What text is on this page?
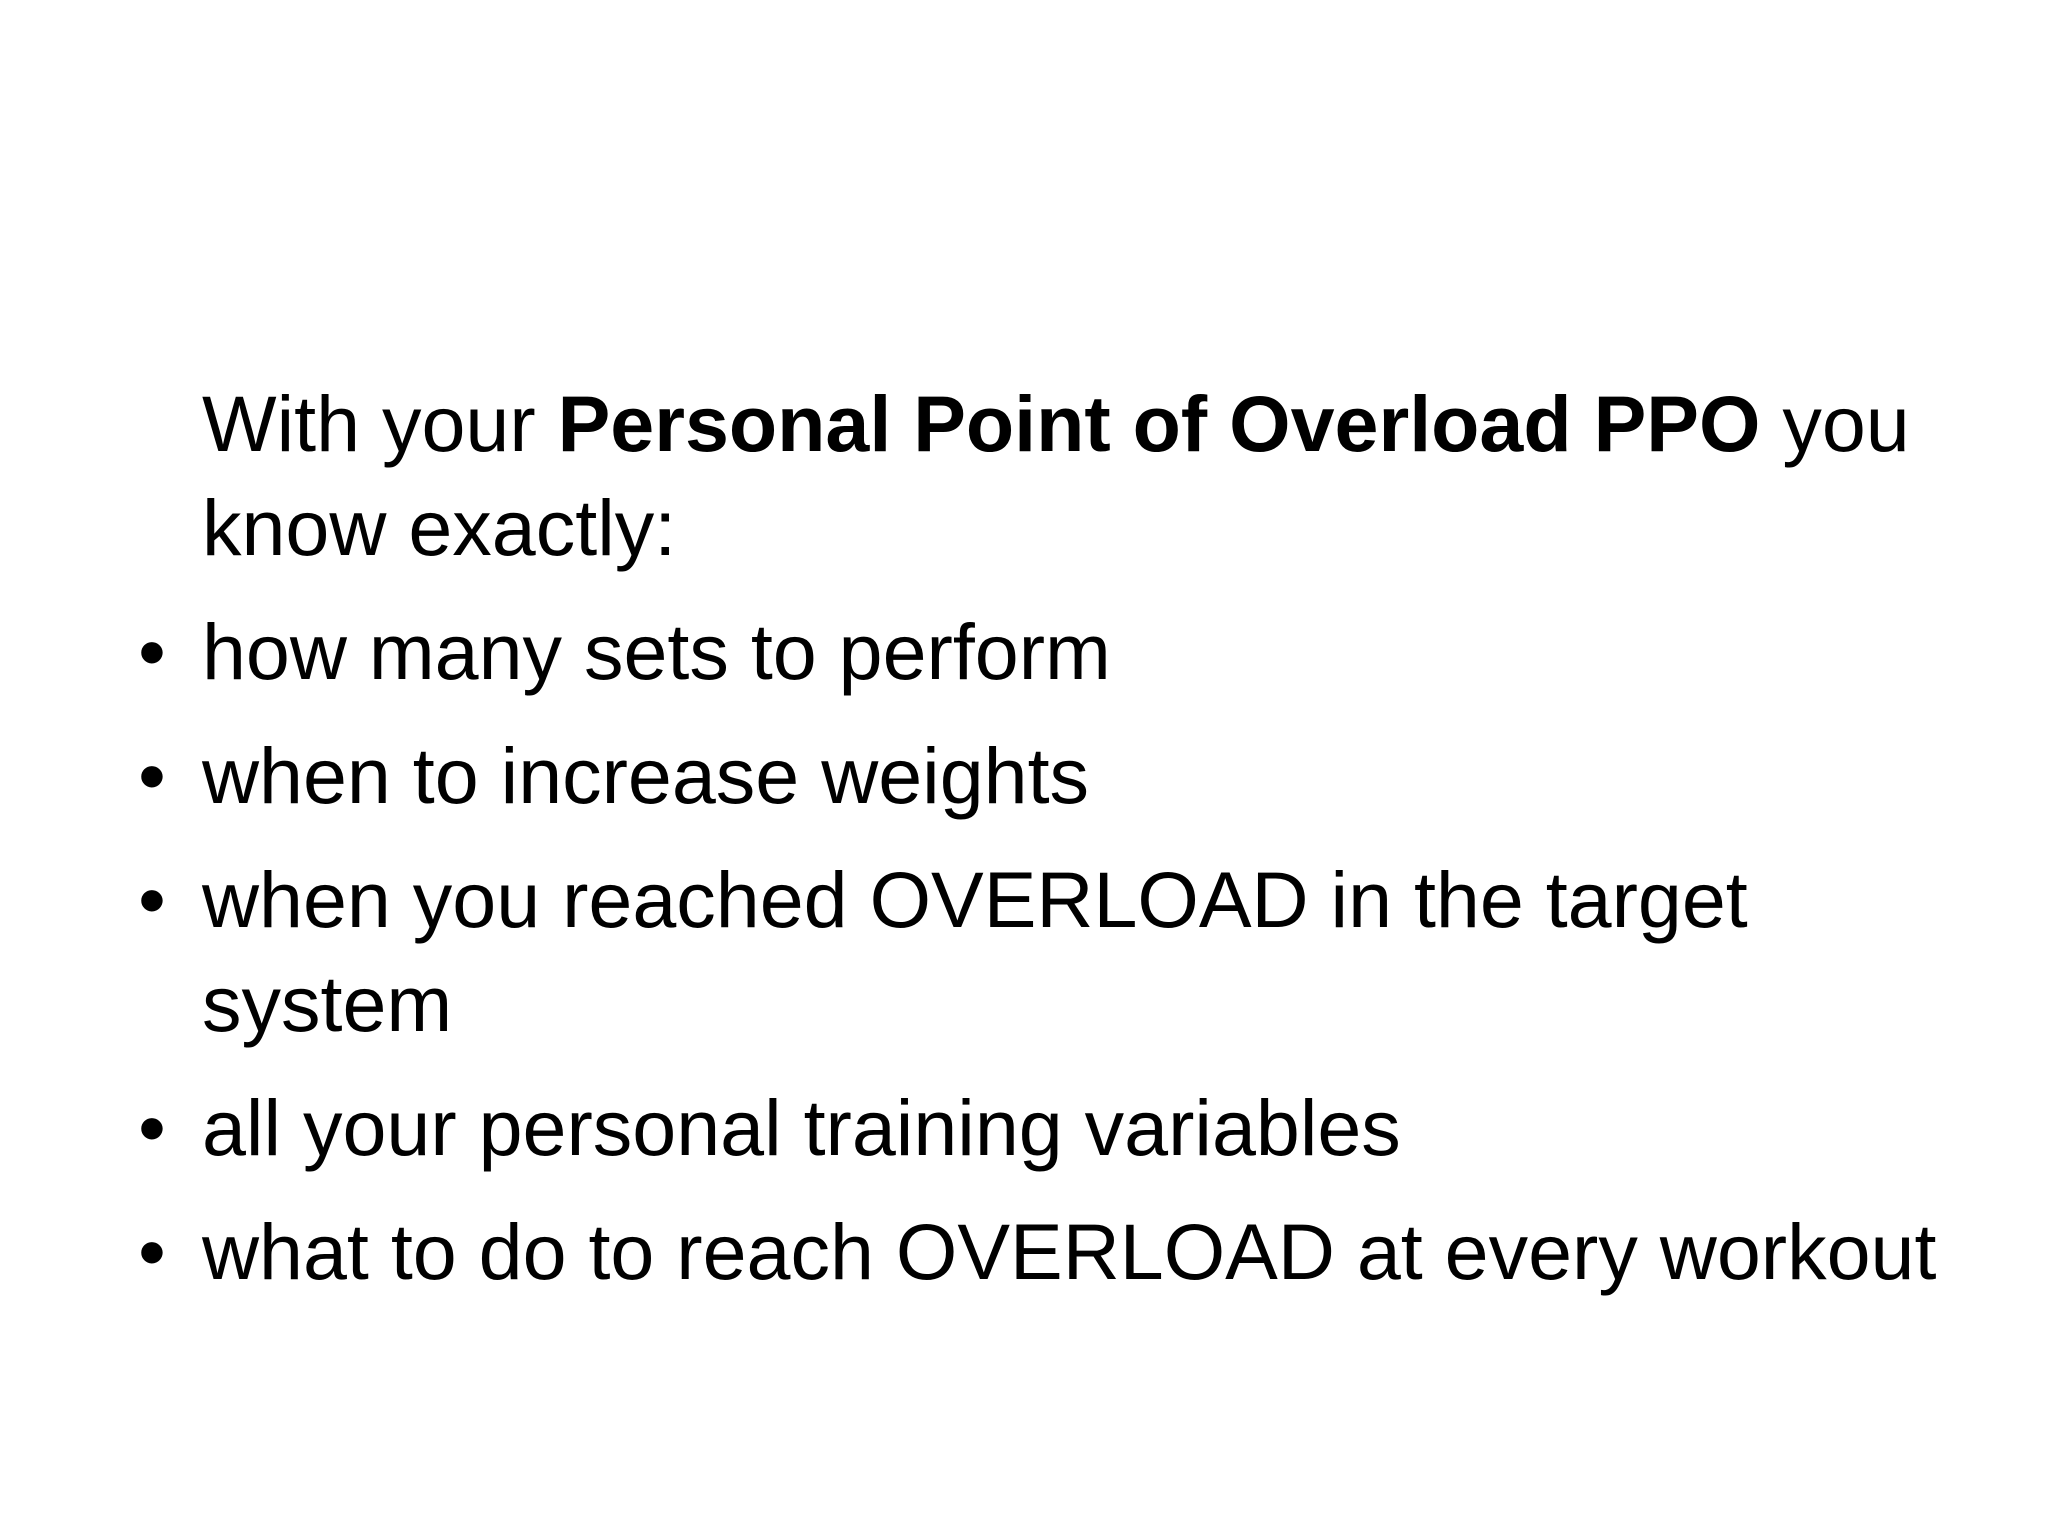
With your Personal Point of Overload PPO you know exactly:

• how many sets to perform
• when to increase weights
• when you reached OVERLOAD in the target system
• all your personal training variables
• what to do to reach OVERLOAD at every workout
